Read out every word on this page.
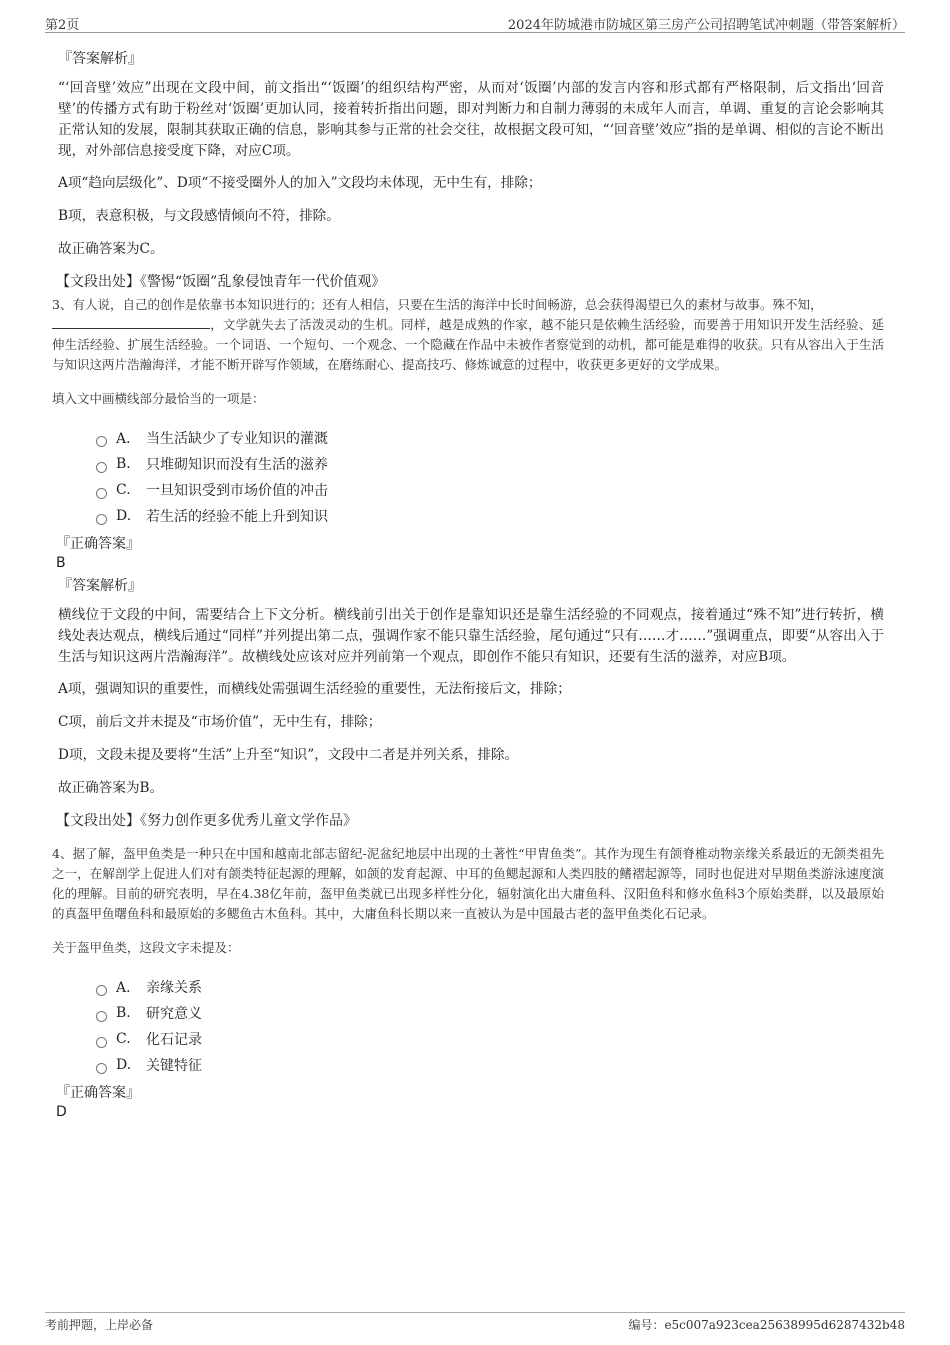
第2页	2024年防城港市防城区第三房产公司招聘笔试冲刺题（带答案解析）
『答案解析』

“‘回音壁’效应”出现在文段中间，前文指出“‘饭圈’的组织结构严密，从而对‘饭圈’内部的发言内容和形式都有严格限制，后文指出‘回音壁’的传播方式有助于粉丝对‘饭圈’更加认同，接着转折指出问题，即对判断力和自制力薄弱的未成年人而言，单调、重复的言论会影响其正常认知的发展，限制其获取正确的信息，影响其参与正常的社会交往，故根据文段可知，“‘回音壁’效应”指的是单调、相似的言论不断出现，对外部信息接受度下降，对应C项。

A项“趋向层级化”、D项“不接受圈外人的加入”文段均未体现，无中生有，排除；

B项，表意积极，与文段感情倾向不符，排除。

故正确答案为C。

【文段出处】《警惕“饭圈”乱象侵蚀青年一代价值观》

3、有人说，自己的创作是依靠书本知识进行的；还有人相信，只要在生活的海洋中长时间畅游，总会获得渴望已久的素材与故事。殊不知，
，文学就失去了活泼灵动的生机。同样，越是成熟的作家，越不能只是依赖生活经验，而要善于用知识开发生活经验、延伸生活经验、扩展生活经验。一个词语、一个短句、一个观念、一个隐藏在作品中未被作者察觉到的动机，都可能是难得的收获。只有从容出入于生活与知识这两片浩瀚海洋，才能不断开辟写作领域，在磨练耐心、提高技巧、修炼诚意的过程中，收获更多更好的文学成果。

填入文中画横线部分最恰当的一项是：
A． 当生活缺少了专业知识的灌溉
B.	只堆砌知识而没有生活的滋养
C.	一旦知识受到市场价值的冲击
D.	若生活的经验不能上升到知识
『正确答案』
B
『答案解析』

横线位于文段的中间，需要结合上下文分析。横线前引出关于创作是靠知识还是靠生活经验的不同观点，接着通过“殊不知”进行转折，横线处表达观点，横线后通过“同样”并列提出第二点，强调作家不能只靠生活经验，尾句通过“只有……才……”强调重点，即要“从容出入于生活与知识这两片浩瀚海洋”。故横线处应该对应并列前第一个观点，即创作不能只有知识，还要有生活的滋养，对应B项。

A项，强调知识的重要性，而横线处需强调生活经验的重要性，无法衔接后文，排除；

C项，前后文并未提及“市场价值”，无中生有，排除；

D项，文段未提及要将“生活”上升至“知识”，文段中二者是并列关系，排除。

故正确答案为B。

【文段出处】《努力创作更多优秀儿童文学作品》

4、据了解，盔甲鱼类是一种只在中国和越南北部志留纪-泥盆纪地层中出现的土著性“甲胄鱼类”。其作为现生有颌脊椎动物亲缘关系最近的无颌类祖先之一，在解剖学上促进人们对有颌类特征起源的理解，如颌的发育起源、中耳的鱼鳃起源和人类四肢的鳍褶起源等，同时也促进对早期鱼类游泳速度演化的理解。目前的研究表明，早在4.38亿年前，盔甲鱼类就已出现多样性分化，辐射演化出大庸鱼科、汉阳鱼科和修水鱼科3个原始类群，以及最原始的真盔甲鱼曙鱼科和最原始的多鳃鱼古木鱼科。其中，大庸鱼科长期以来一直被认为是中国最古老的盔甲鱼类化石记录。

关于盔甲鱼类，这段文字未提及：
A． 亲缘关系
B.	研究意义
C.	化石记录
D.	关键特征
『正确答案』
D
考前押题，上岸必备	编号：e5c007a923cea25638995d6287432b48
